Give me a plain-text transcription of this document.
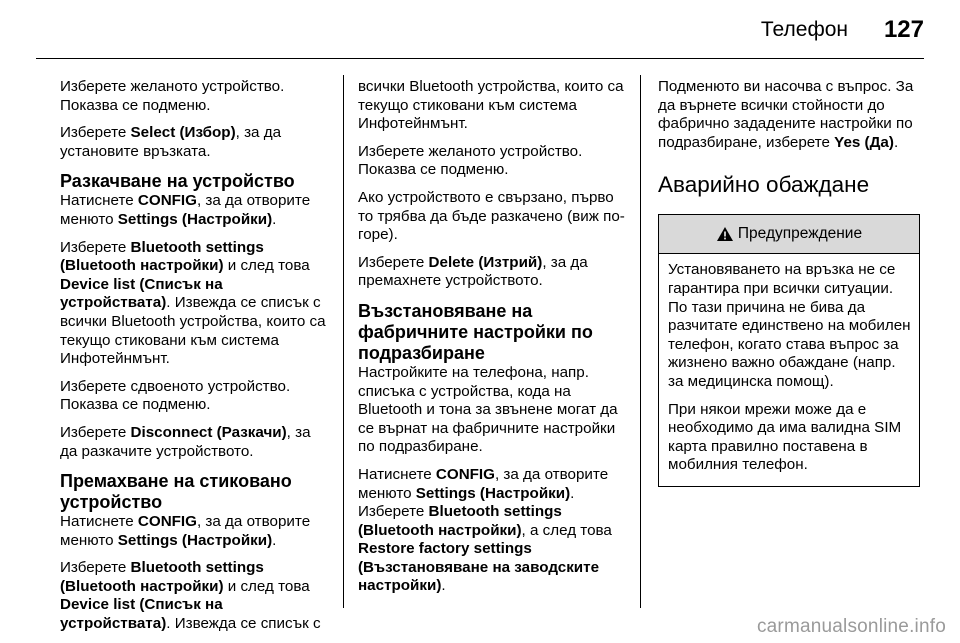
Телефон 127

Изберете желаното устройство. Показва се подменю.

Изберете Select (Избор), за да установите връзката.

Разкачване на устройство

Натиснете CONFIG, за да отворите менюто Settings (Настройки).

Изберете Bluetooth settings (Bluetooth настройки) и след това Device list (Списък на устройствата). Извежда се списък с всички Bluetooth устройства, които са текущо стиковани към система Инфотейнмънт.

Изберете сдвоеното устройство. Показва се подменю.

Изберете Disconnect (Разкачи), за да разкачите устройството.

Премахване на стиковано устройство

Натиснете CONFIG, за да отворите менюто Settings (Настройки).

Изберете Bluetooth settings (Bluetooth настройки) и след това Device list (Списък на устройствата). Извежда се списък с

всички Bluetooth устройства, които са текущо стиковани към система Инфотейнмънт.

Изберете желаното устройство. Показва се подменю.

Ако устройството е свързано, първо то трябва да бъде разкачено (виж по-горе).

Изберете Delete (Изтрий), за да премахнете устройството.

Възстановяване на фабричните настройки по подразбиране

Настройките на телефона, напр. списъка с устройства, кода на Bluetooth и тона за звънене могат да се върнат на фабричните настройки по подразбиране.

Натиснете CONFIG, за да отворите менюто Settings (Настройки). Изберете Bluetooth settings (Bluetooth настройки), а след това Restore factory settings (Възстановяване на заводските настройки).

Подменюто ви насочва с въпрос. За да върнете всички стойности до фабрично зададените настройки по подразбиране, изберете Yes (Да).

Аварийно обаждане
Предупреждение

Установяването на връзка не се гарантира при всички ситуации. По тази причина не бива да разчитате единствено на мобилен телефон, когато става въпрос за жизнено важно обаждане (напр. за медицинска помощ).

При някои мрежи може да е необходимо да има валидна SIM карта правилно поставена в мобилния телефон.

carmanualsonline.info
